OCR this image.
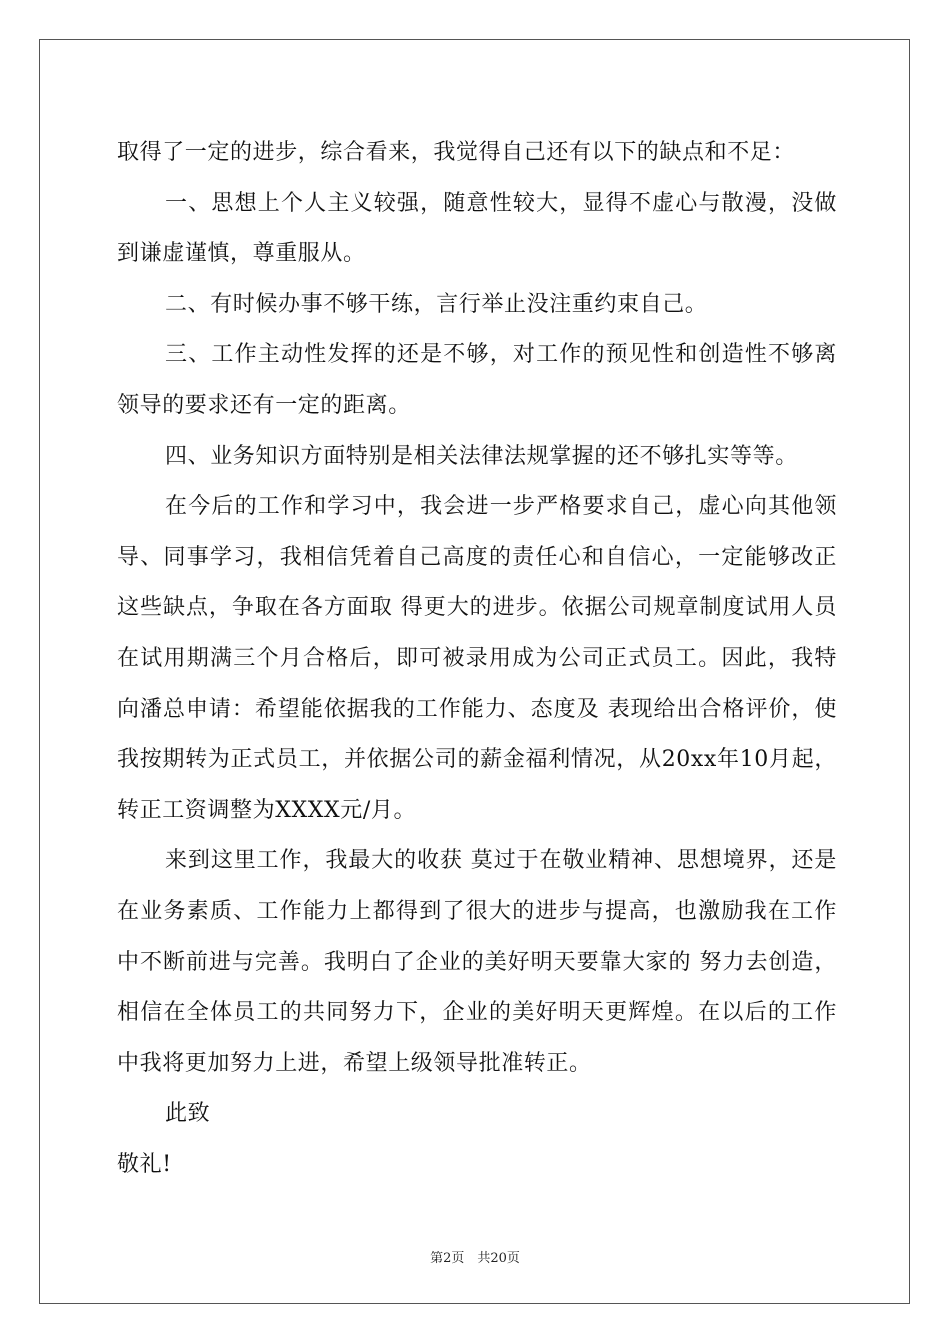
取得了一定的进步，综合看来，我觉得自己还有以下的缺点和不足：

一、思想上个人主义较强，随意性较大，显得不虚心与散漫，没做到谦虚谨慎，尊重服从。

二、有时候办事不够干练，言行举止没注重约束自己。

三、工作主动性发挥的还是不够，对工作的预见性和创造性不够离领导的要求还有一定的距离。

四、业务知识方面特别是相关法律法规掌握的还不够扎实等等。

在今后的工作和学习中，我会进一步严格要求自己，虚心向其他领导、同事学习，我相信凭着自己高度的责任心和自信心，一定能够改正这些缺点，争取在各方面取 得更大的进步。依据公司规章制度试用人员在试用期满三个月合格后，即可被录用成为公司正式员工。因此，我特向潘总申请：希望能依据我的工作能力、态度及 表现给出合格评价，使我按期转为正式员工，并依据公司的薪金福利情况，从20xx年10月起，转正工资调整为XXXX元/月。

来到这里工作，我最大的收获 莫过于在敬业精神、思想境界，还是在业务素质、工作能力上都得到了很大的进步与提高，也激励我在工作中不断前进与完善。我明白了企业的美好明天要靠大家的 努力去创造，相信在全体员工的共同努力下，企业的美好明天更辉煌。在以后的工作中我将更加努力上进，希望上级领导批准转正。

此致

敬礼!

第2页　共20页
